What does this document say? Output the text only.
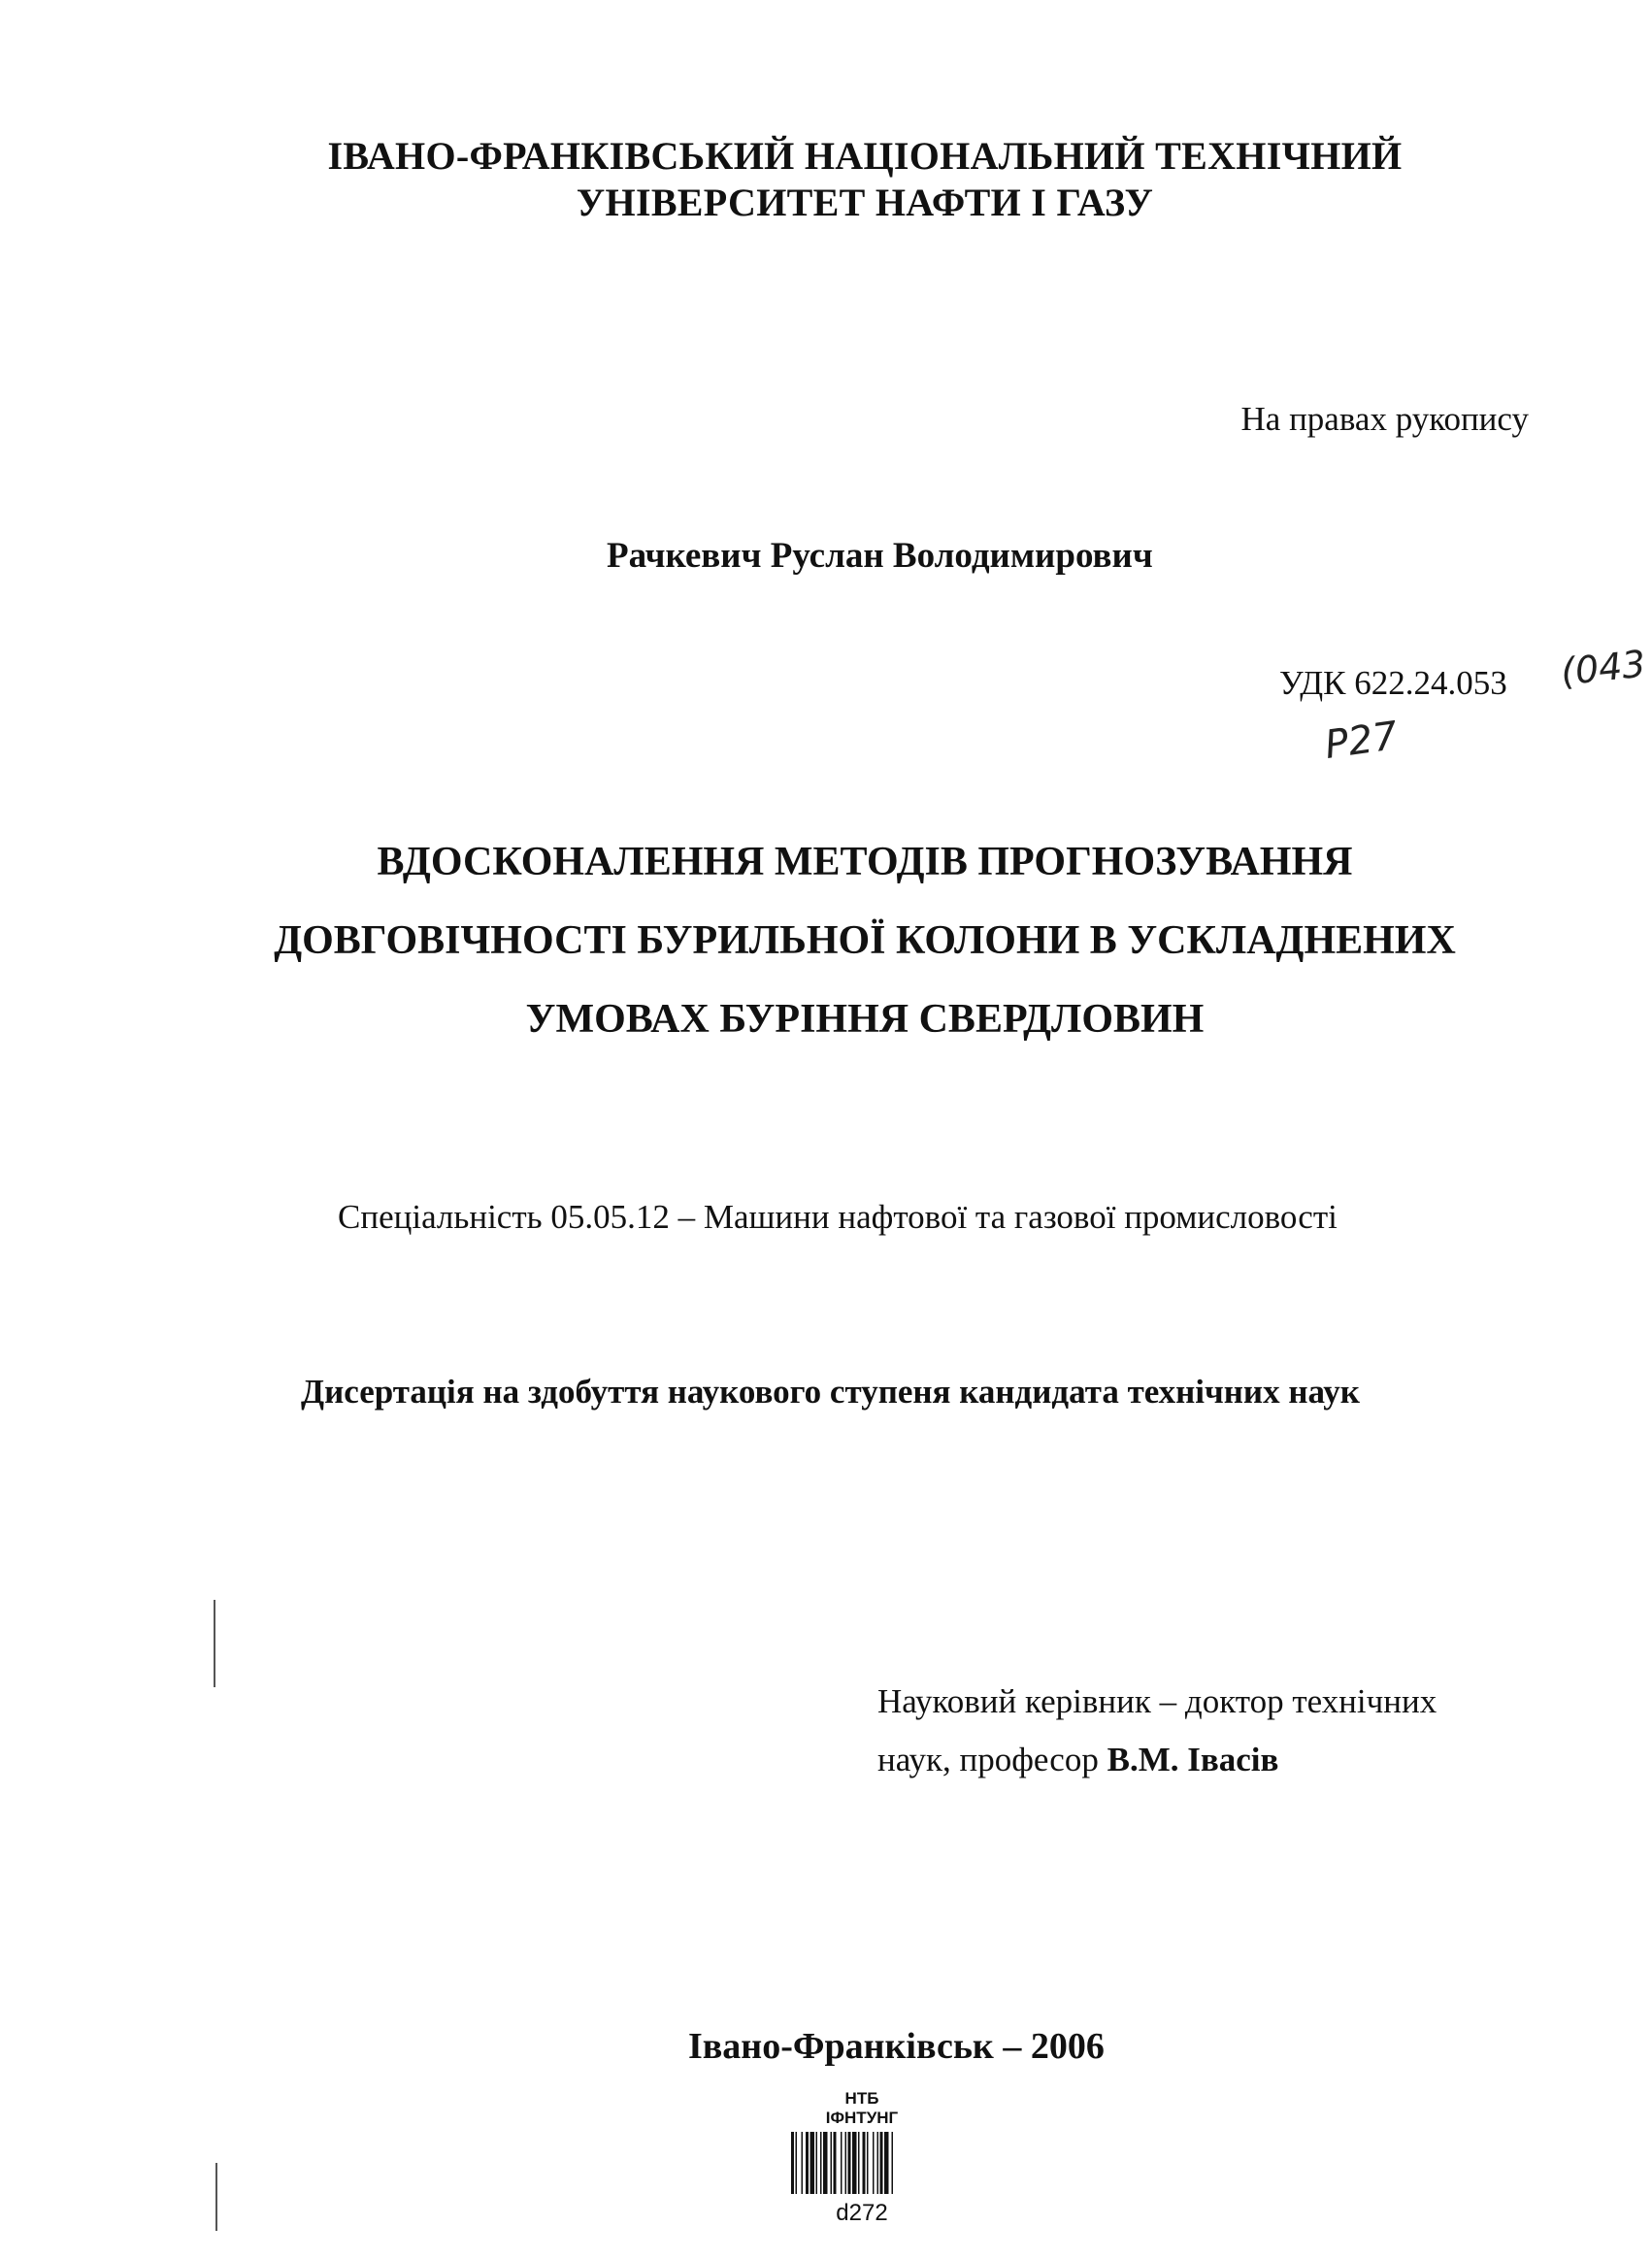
ІВАНО-ФРАНКІВСЬКИЙ НАЦІОНАЛЬНИЙ ТЕХНІЧНИЙ
УНІВЕРСИТЕТ НАФТИ І ГАЗУ
На правах рукопису
Рачкевич Руслан Володимирович
УДК 622.24.053 (043
Р27
ВДОСКОНАЛЕННЯ МЕТОДІВ ПРОГНОЗУВАННЯ
ДОВГОВІЧНОСТІ БУРИЛЬНОЇ КОЛОНИ В УСКЛАДНЕНИХ
УМОВАХ БУРІННЯ СВЕРДЛОВИН
Спеціальність 05.05.12 – Машини нафтової та газової промисловості
Дисертація на здобуття наукового ступеня кандидата технічних наук
Науковий керівник – доктор технічних
наук, професор В.М. Івасів
Івано-Франківськ – 2006
НТБ
ІФНТУНГ
d272
